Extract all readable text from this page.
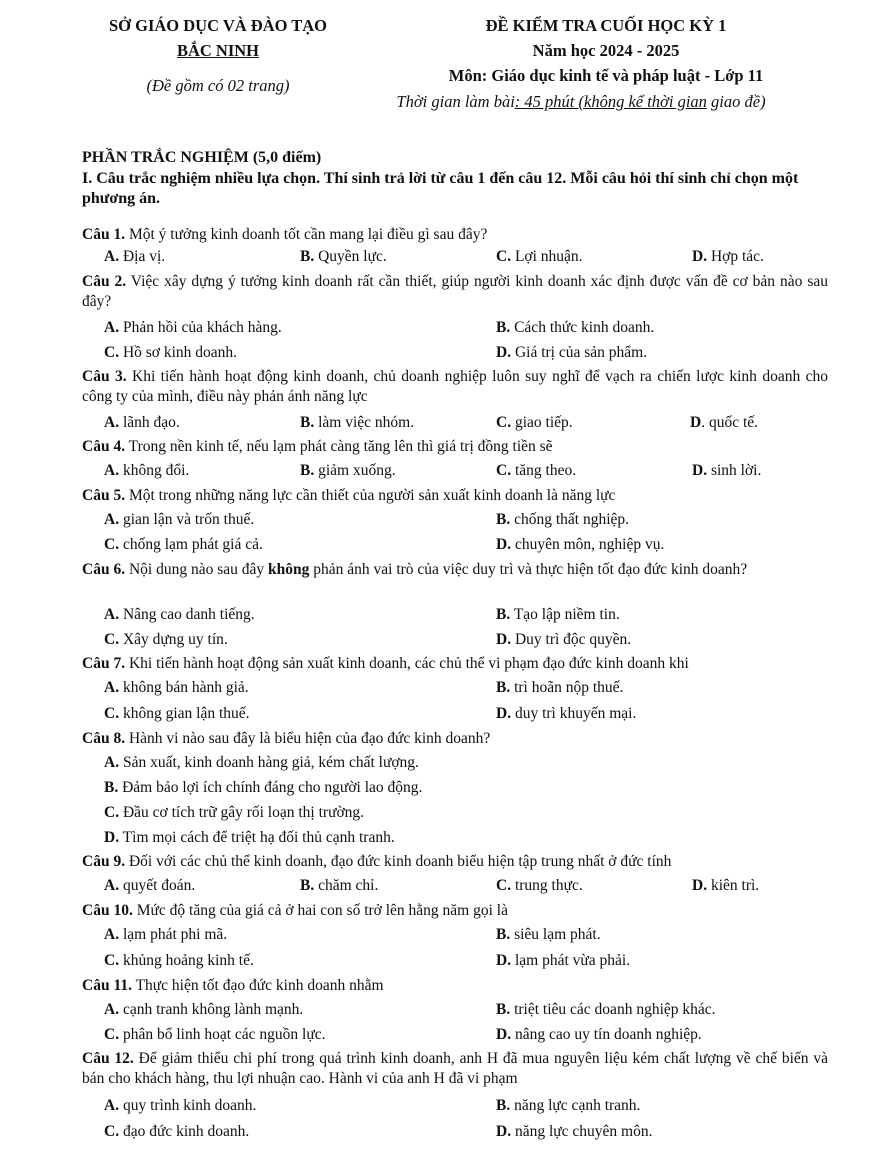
SỞ GIÁO DỤC VÀ ĐÀO TẠO
BẮC NINH
(Đề gồm có 02 trang)
ĐỀ KIỂM TRA CUỐI HỌC KỲ 1
Năm học 2024 - 2025
Môn: Giáo dục kinh tế và pháp luật - Lớp 11
Thời gian làm bài: 45 phút (không kể thời gian giao đề)
PHẦN TRẮC NGHIỆM (5,0 điểm)
I. Câu trắc nghiệm nhiều lựa chọn. Thí sinh trả lời từ câu 1 đến câu 12. Mỗi câu hỏi thí sinh chỉ chọn một phương án.
Câu 1. Một ý tưởng kinh doanh tốt cần mang lại điều gì sau đây?
A. Địa vị.	B. Quyền lực.	C. Lợi nhuận.	D. Hợp tác.
Câu 2. Việc xây dựng ý tưởng kinh doanh rất cần thiết, giúp người kinh doanh xác định được vấn đề cơ bản nào sau đây?
A. Phản hồi của khách hàng.	B. Cách thức kinh doanh.
C. Hồ sơ kinh doanh.	D. Giá trị của sản phẩm.
Câu 3. Khi tiến hành hoạt động kinh doanh, chủ doanh nghiệp luôn suy nghĩ để vạch ra chiến lược kinh doanh cho công ty của mình, điều này phản ánh năng lực
A. lãnh đạo.	B. làm việc nhóm.	C. giao tiếp.	D. quốc tế.
Câu 4. Trong nền kinh tế, nếu lạm phát càng tăng lên thì giá trị đồng tiền sẽ
A. không đổi.	B. giảm xuống.	C. tăng theo.	D. sinh lời.
Câu 5. Một trong những năng lực cần thiết của người sản xuất kinh doanh là năng lực
A. gian lận và trốn thuế.	B. chống thất nghiệp.
C. chống lạm phát giá cả.	D. chuyên môn, nghiệp vụ.
Câu 6. Nội dung nào sau đây không phản ánh vai trò của việc duy trì và thực hiện tốt đạo đức kinh doanh?
A. Nâng cao danh tiếng.	B. Tạo lập niềm tin.
C. Xây dựng uy tín.	D. Duy trì độc quyền.
Câu 7. Khi tiến hành hoạt động sản xuất kinh doanh, các chủ thể vi phạm đạo đức kinh doanh khi
A. không bán hành giả.	B. trì hoãn nộp thuế.
C. không gian lận thuế.	D. duy trì khuyến mại.
Câu 8. Hành vi nào sau đây là biểu hiện của đạo đức kinh doanh?
A. Sản xuất, kinh doanh hàng giả, kém chất lượng.
B. Đảm bảo lợi ích chính đáng cho người lao động.
C. Đầu cơ tích trữ gây rối loạn thị trường.
D. Tìm mọi cách để triệt hạ đối thủ cạnh tranh.
Câu 9. Đối với các chủ thể kinh doanh, đạo đức kinh doanh biểu hiện tập trung nhất ở đức tính
A. quyết đoán.	B. chăm chỉ.	C. trung thực.	D. kiên trì.
Câu 10. Mức độ tăng của giá cả ở hai con số trở lên hằng năm gọi là
A. lạm phát phi mã.	B. siêu lạm phát.
C. khủng hoảng kinh tế.	D. lạm phát vừa phải.
Câu 11. Thực hiện tốt đạo đức kinh doanh nhằm
A. cạnh tranh không lành mạnh.	B. triệt tiêu các doanh nghiệp khác.
C. phân bổ linh hoạt các nguồn lực.	D. nâng cao uy tín doanh nghiệp.
Câu 12. Để giảm thiểu chi phí trong quá trình kinh doanh, anh H đã mua nguyên liệu kém chất lượng về chế biến và bán cho khách hàng, thu lợi nhuận cao. Hành vi của anh H đã vi phạm
A. quy trình kinh doanh.	B. năng lực cạnh tranh.
C. đạo đức kinh doanh.	D. năng lực chuyên môn.
